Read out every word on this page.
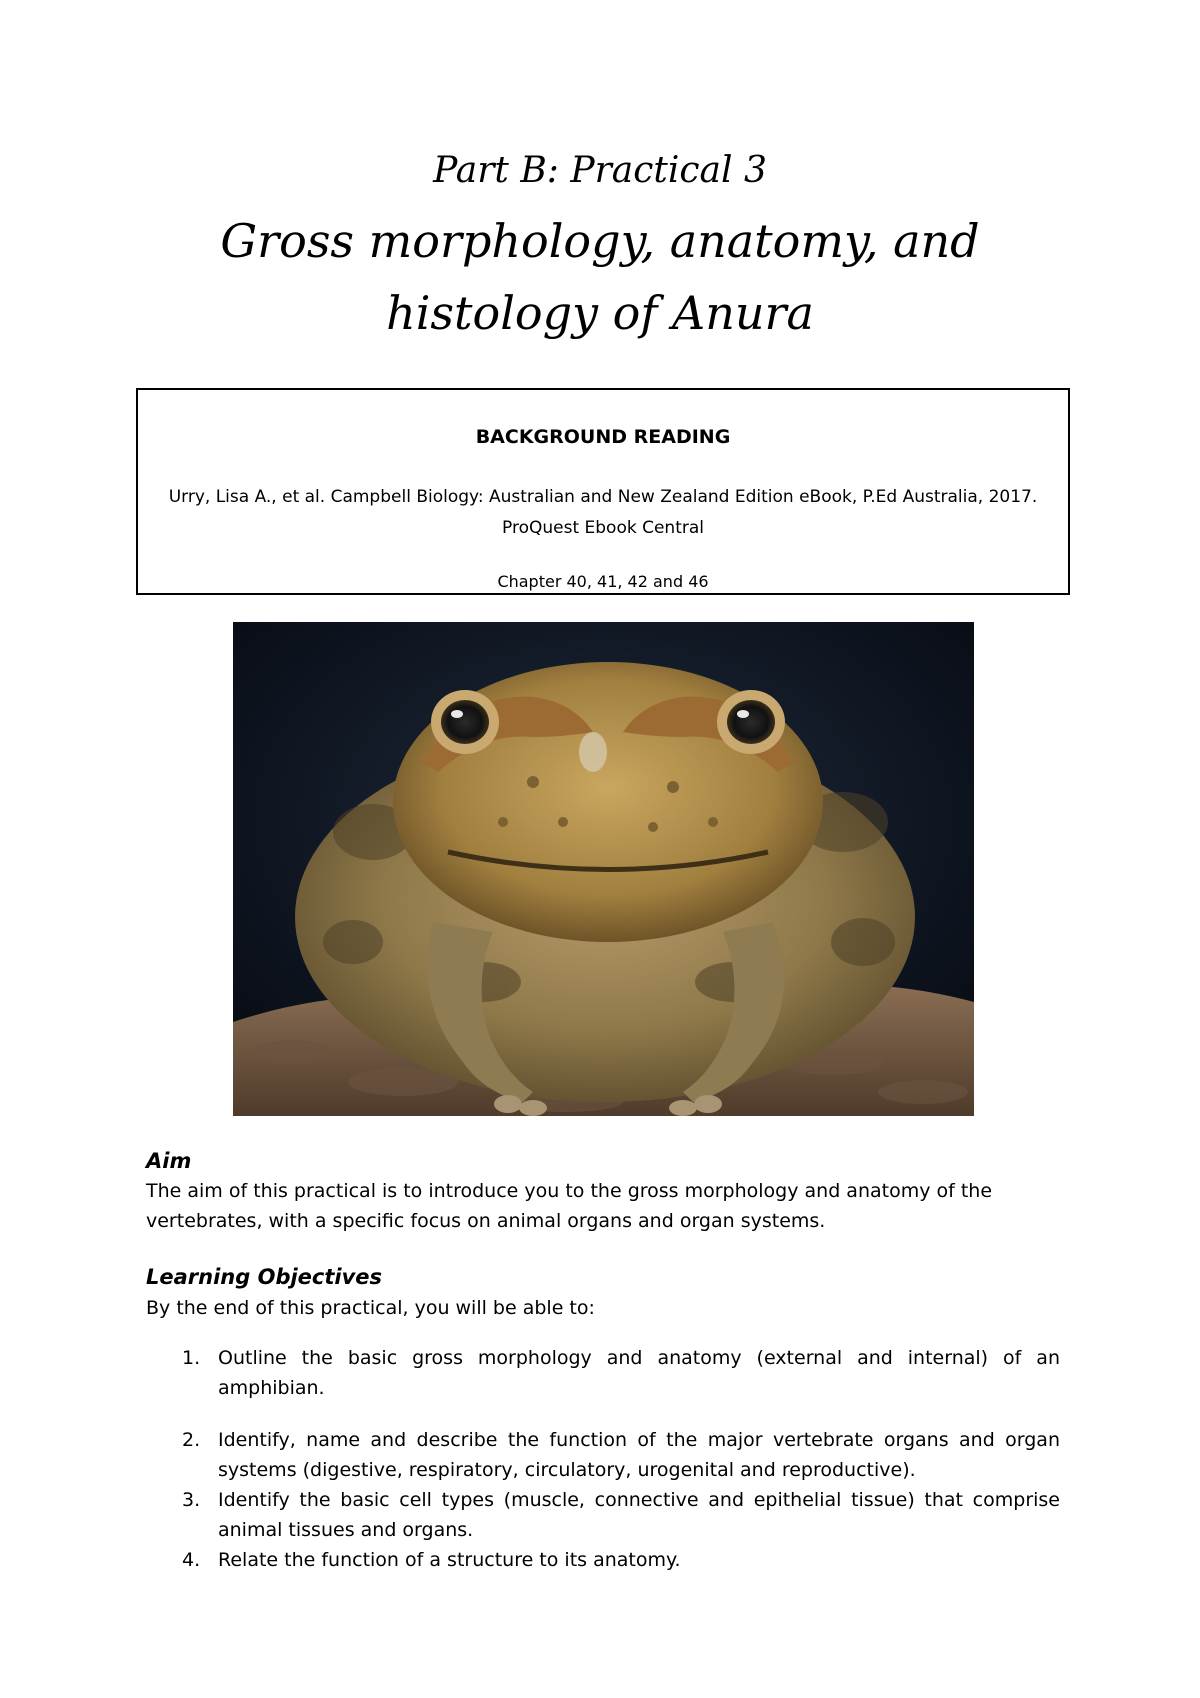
Part B: Practical 3
Gross morphology, anatomy, and
histology of Anura
BACKGROUND READING
Urry, Lisa A., et al. Campbell Biology: Australian and New Zealand Edition eBook, P.Ed Australia, 2017.
ProQuest Ebook Central
Chapter 40, 41, 42 and 46
Aim
The aim of this practical is to introduce you to the gross morphology and anatomy of the vertebrates, with a specific focus on animal organs and organ systems.
Learning Objectives
By the end of this practical, you will be able to:
1. Outline the basic gross morphology and anatomy (external and internal) of an amphibian.
2. Identify, name and describe the function of the major vertebrate organs and organ systems (digestive, respiratory, circulatory, urogenital and reproductive).
3. Identify the basic cell types (muscle, connective and epithelial tissue) that comprise animal tissues and organs.
4. Relate the function of a structure to its anatomy.
